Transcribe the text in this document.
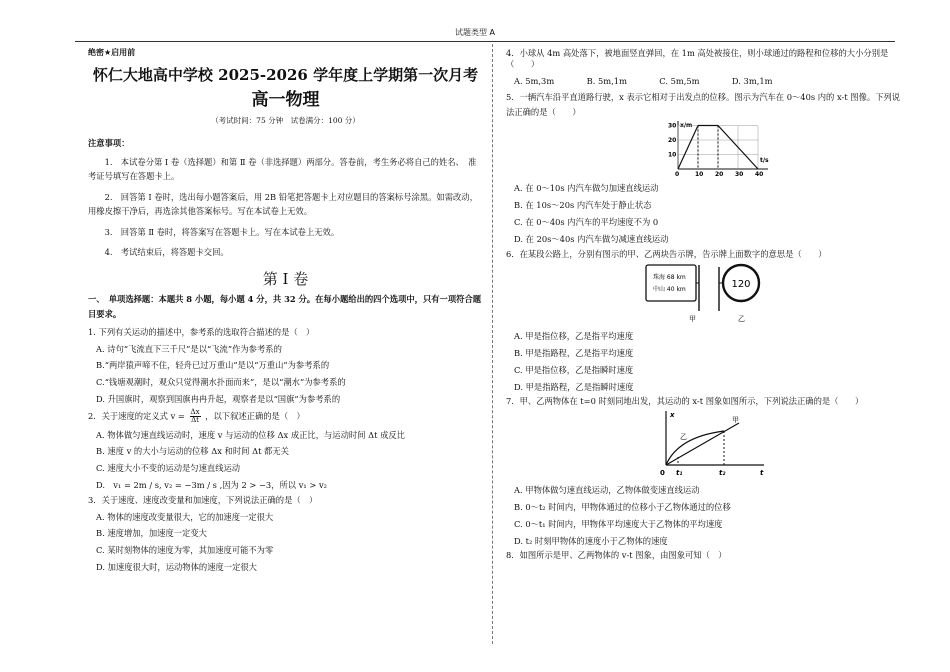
试题类型 A
绝密★启用前
怀仁大地高中学校 2025-2026 学年度上学期第一次月考
高一物理
（考试时间：75 分钟　试卷满分：100 分）
注意事项：

1.　本试卷分第 Ⅰ 卷（选择题）和第 Ⅱ 卷（非选择题）两部分。答卷前，考生务必将自己的姓名、　准考证号填写在答题卡上。

2.　回答第 Ⅰ 卷时，选出每小题答案后，用 2B 铅笔把答题卡上对应题目的答案标号涂黑。如需改动，用橡皮擦干净后，再选涂其他答案标号。写在本试卷上无效。

3.　回答第 Ⅱ 卷时，将答案写在答题卡上。写在本试卷上无效。

4.　考试结束后，将答题卡交回。

第 Ⅰ 卷
一、　单项选择题：本题共 8 小题，每小题 4 分，共 32 分。在每小题给出的四个选项中，只有一项符合题目要求。
1. 下列有关运动的描述中，参考系的选取符合描述的是（　）
A. 诗句“飞流直下三千尺”是以“飞流”作为参考系的
B.“两岸猿声啼不住，轻舟已过万重山”是以“万重山”为参考系的
C.“钱塘观潮时，观众只觉得潮水扑面而来”，是以“潮水”为参考系的
D. 升国旗时，观察到国旗冉冉升起，观察者是以“国旗”为参考系的
2．关于速度的定义式 $v = \frac{\Delta x}{\Delta t}$ ，以下叙述正确的是（　）
A. 物体做匀速直线运动时，速度 v 与运动的位移 Δx 成正比，与运动时间 Δt 成反比
B. 速度 v 的大小与运动的位移 Δx 和时间 Δt 都无关
C. 速度大小不变的运动是匀速直线运动
D.　v₁ = 2m / s, v₂ = −3m / s ,因为 2 > −3，所以 v₁ > v₂
3．关于速度、速度改变量和加速度，下列说法正确的是（　）
A. 物体的速度改变量很大，它的加速度一定很大
B. 速度增加，加速度一定变大
C. 某时刻物体的速度为零，其加速度可能不为零
D. 加速度很大时，运动物体的速度一定很大
4．小球从 4m 高处落下，被地面竖直弹回，在 1m 高处被接住，则小球通过的路程和位移的大小分别是（　　）
A. 5m,3m	B. 5m,1m	C. 5m,5m	D. 3m,1m
5．一辆汽车沿平直道路行驶，x 表示它相对于出发点的位移。图示为汽车在 0～40s 内的 x-t 图像。下列说法正确的是（　　）
x/m
t/s
10
20
30
0	10 20 30 40
A. 在 0～10s 内汽车做匀加速直线运动
B. 在 10s～20s 内汽车处于静止状态
C. 在 0～40s 内汽车的平均速度不为 0
D. 在 20s～40s 内汽车做匀减速直线运动
6．在某段公路上，分别有图示的甲、乙两块告示牌，告示牌上面数字的意思是（　　）
珠海 68 km
中山 40 km
甲
120
乙
A. 甲是指位移，乙是指平均速度
B. 甲是指路程，乙是指平均速度
C. 甲是指位移，乙是指瞬时速度
D. 甲是指路程，乙是指瞬时速度
7．甲、乙两物体在 t=0 时刻同地出发，其运动的 x-t 图象如图所示，下列说法正确的是（　　）
x
t
0 t₁	t₂
甲
乙
A. 甲物体做匀速直线运动，乙物体做变速直线运动
B. 0～t₂ 时间内，甲物体通过的位移小于乙物体通过的位移
C. 0～t₁ 时间内，甲物体平均速度大于乙物体的平均速度
D. t₂ 时刻甲物体的速度小于乙物体的速度
8．如图所示是甲、乙两物体的 v-t 图象，由图象可知（　）
